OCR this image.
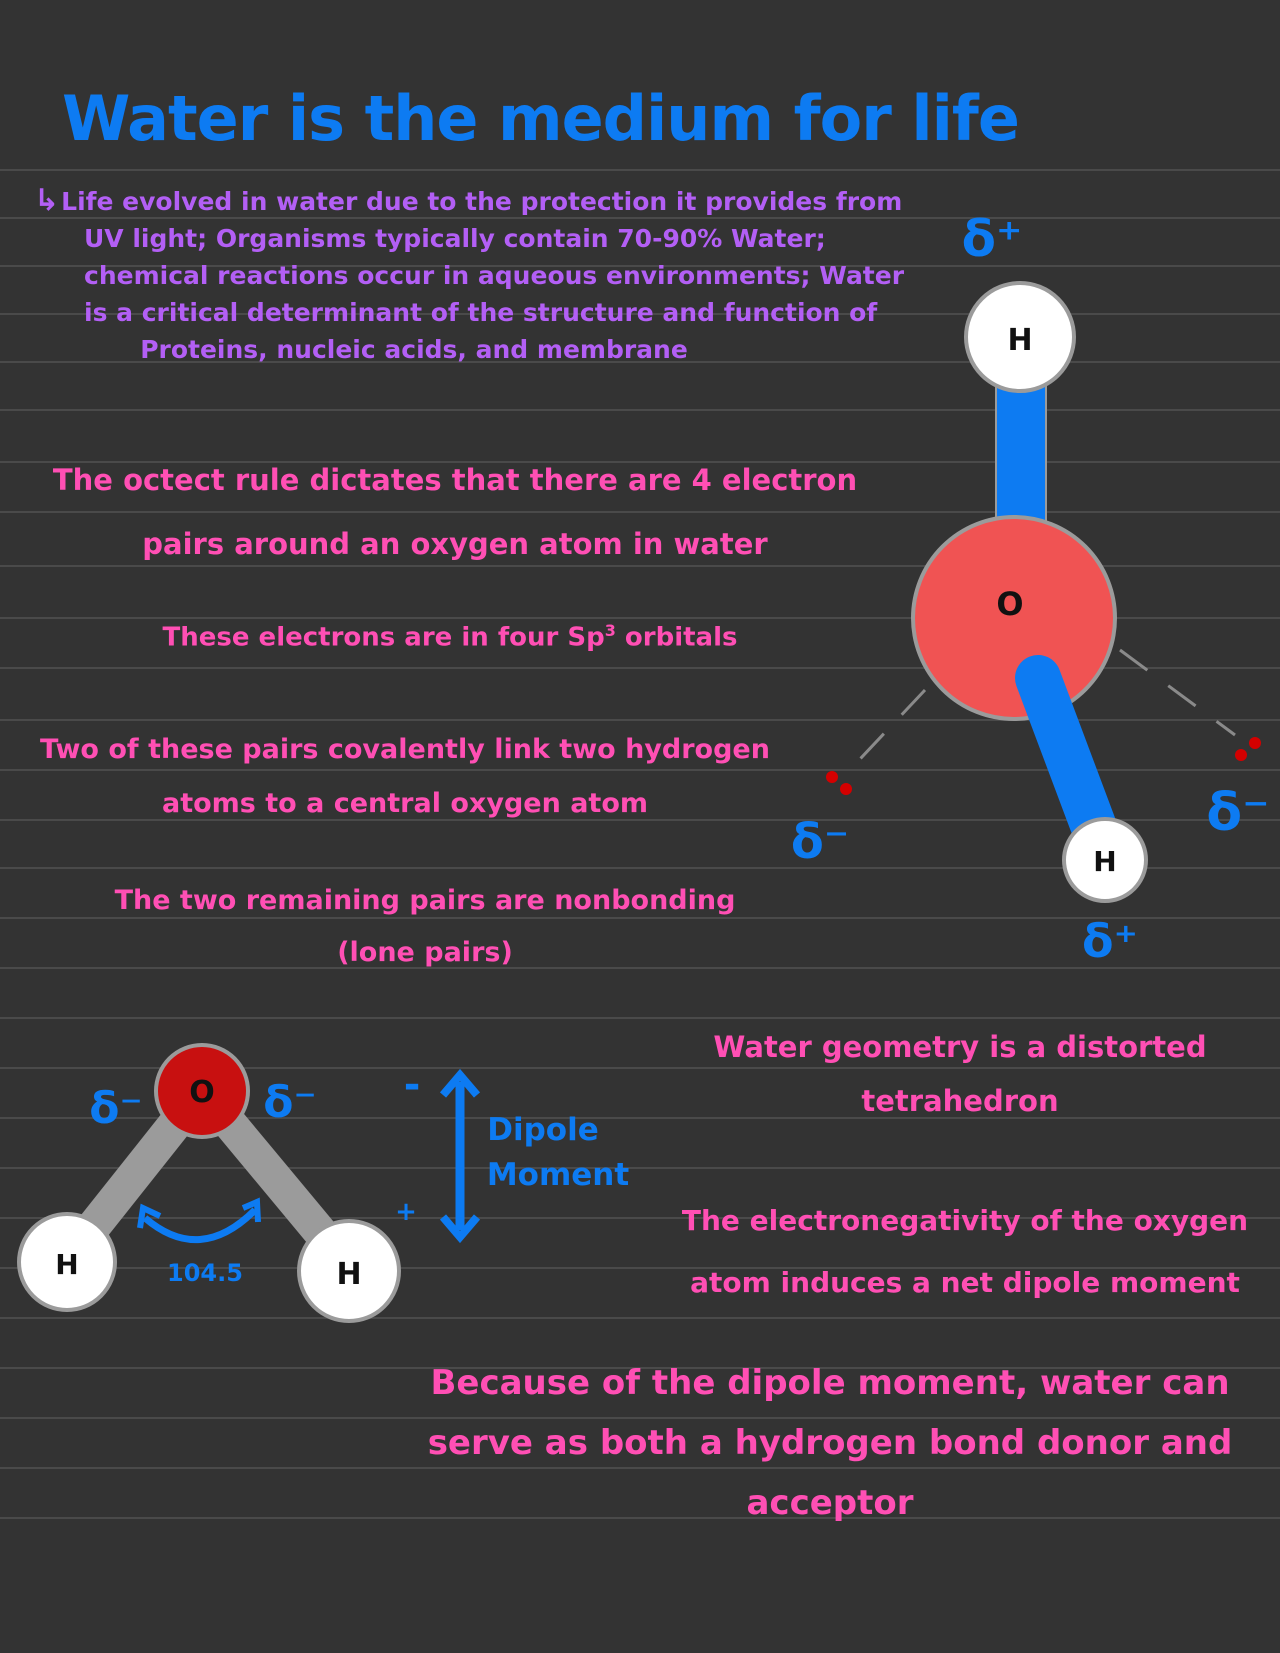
Water is the medium for life
↳Life evolved in water due to the protection it provides from
UV light; Organisms typically contain 70-90% Water;
chemical reactions occur in aqueous environments; Water
is a critical determinant of the structure and function of
Proteins, nucleic acids, and membrane

The octect rule dictates that there are 4 electron pairs around an oxygen atom in water

These electrons are in four Sp$^3$ orbitals

Two of these pairs covalently link two hydrogen atoms to a central oxygen atom

The two remaining pairs are nonbonding
(lone pairs)

Water geometry is a distorted tetrahedron

The electronegativity of the oxygen atom induces a net dipole moment

Because of the dipole moment, water can serve as both a hydrogen bond donor and acceptor

H
O
H
δ⁺
δ⁺
δ⁻	δ⁻
O
H	H
104.5
δ⁻	δ⁻ -
+
Dipole
Moment
